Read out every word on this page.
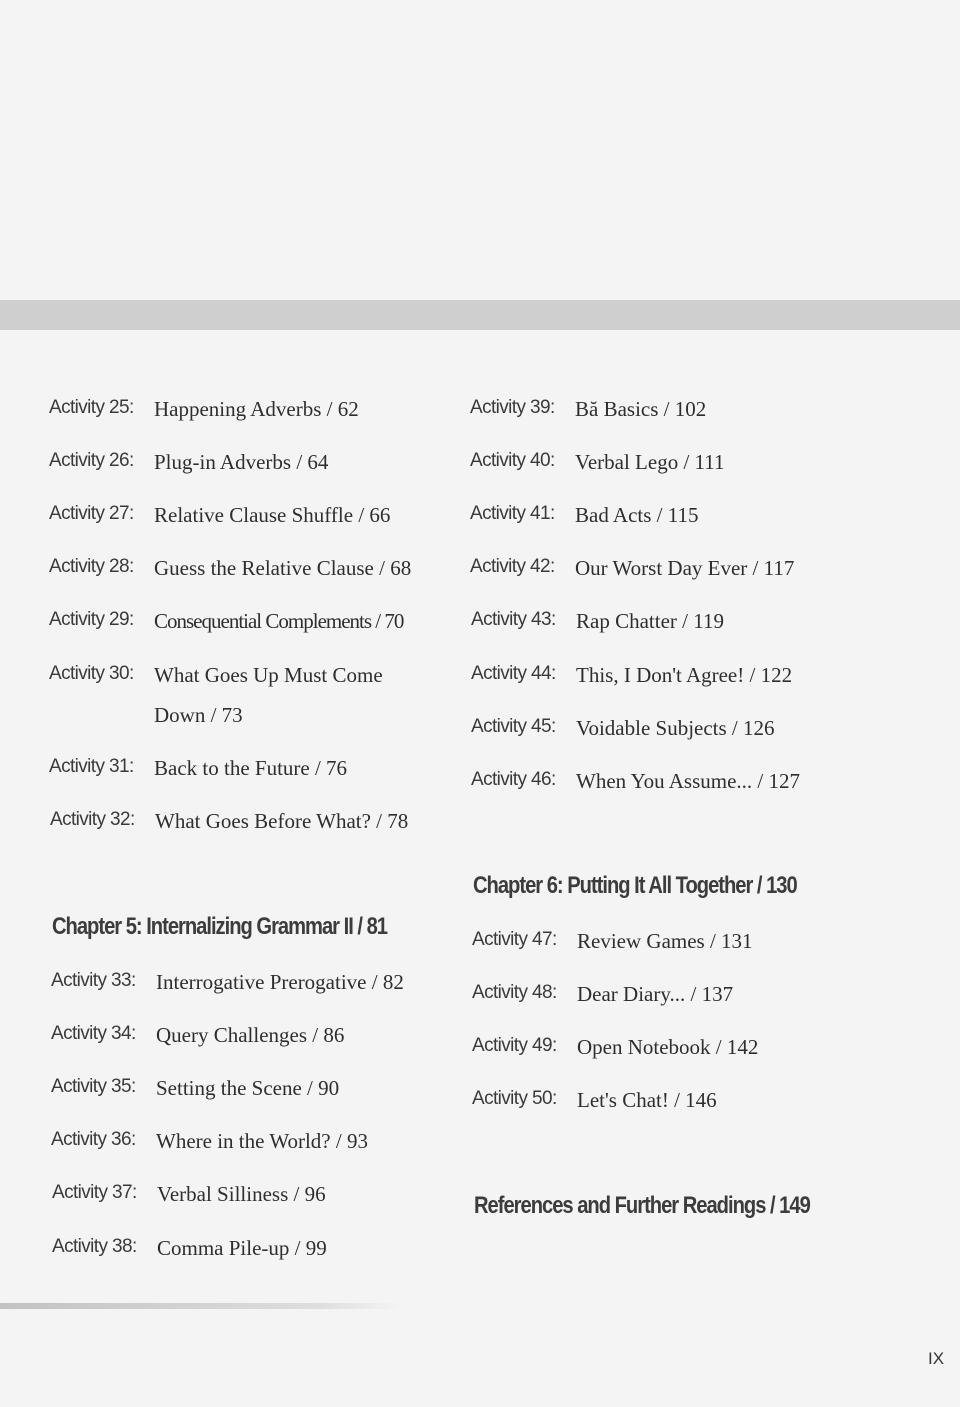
Activity 25: Happening Adverbs / 62
Activity 26: Plug-in Adverbs / 64
Activity 27: Relative Clause Shuffle / 66
Activity 28: Guess the Relative Clause / 68
Activity 29: Consequential Complements / 70
Activity 30: What Goes Up Must Come Down / 73
Activity 31: Back to the Future / 76
Activity 32: What Goes Before What? / 78
Chapter 5: Internalizing Grammar II / 81
Activity 33: Interrogative Prerogative / 82
Activity 34: Query Challenges / 86
Activity 35: Setting the Scene / 90
Activity 36: Where in the World? / 93
Activity 37: Verbal Silliness / 96
Activity 38: Comma Pile-up / 99
Activity 39: Bă Basics / 102
Activity 40: Verbal Lego / 111
Activity 41: Bad Acts / 115
Activity 42: Our Worst Day Ever / 117
Activity 43: Rap Chatter / 119
Activity 44: This, I Don't Agree! / 122
Activity 45: Voidable Subjects / 126
Activity 46: When You Assume... / 127
Chapter 6: Putting It All Together / 130
Activity 47: Review Games / 131
Activity 48: Dear Diary... / 137
Activity 49: Open Notebook / 142
Activity 50: Let's Chat! / 146
References and Further Readings / 149
IX
